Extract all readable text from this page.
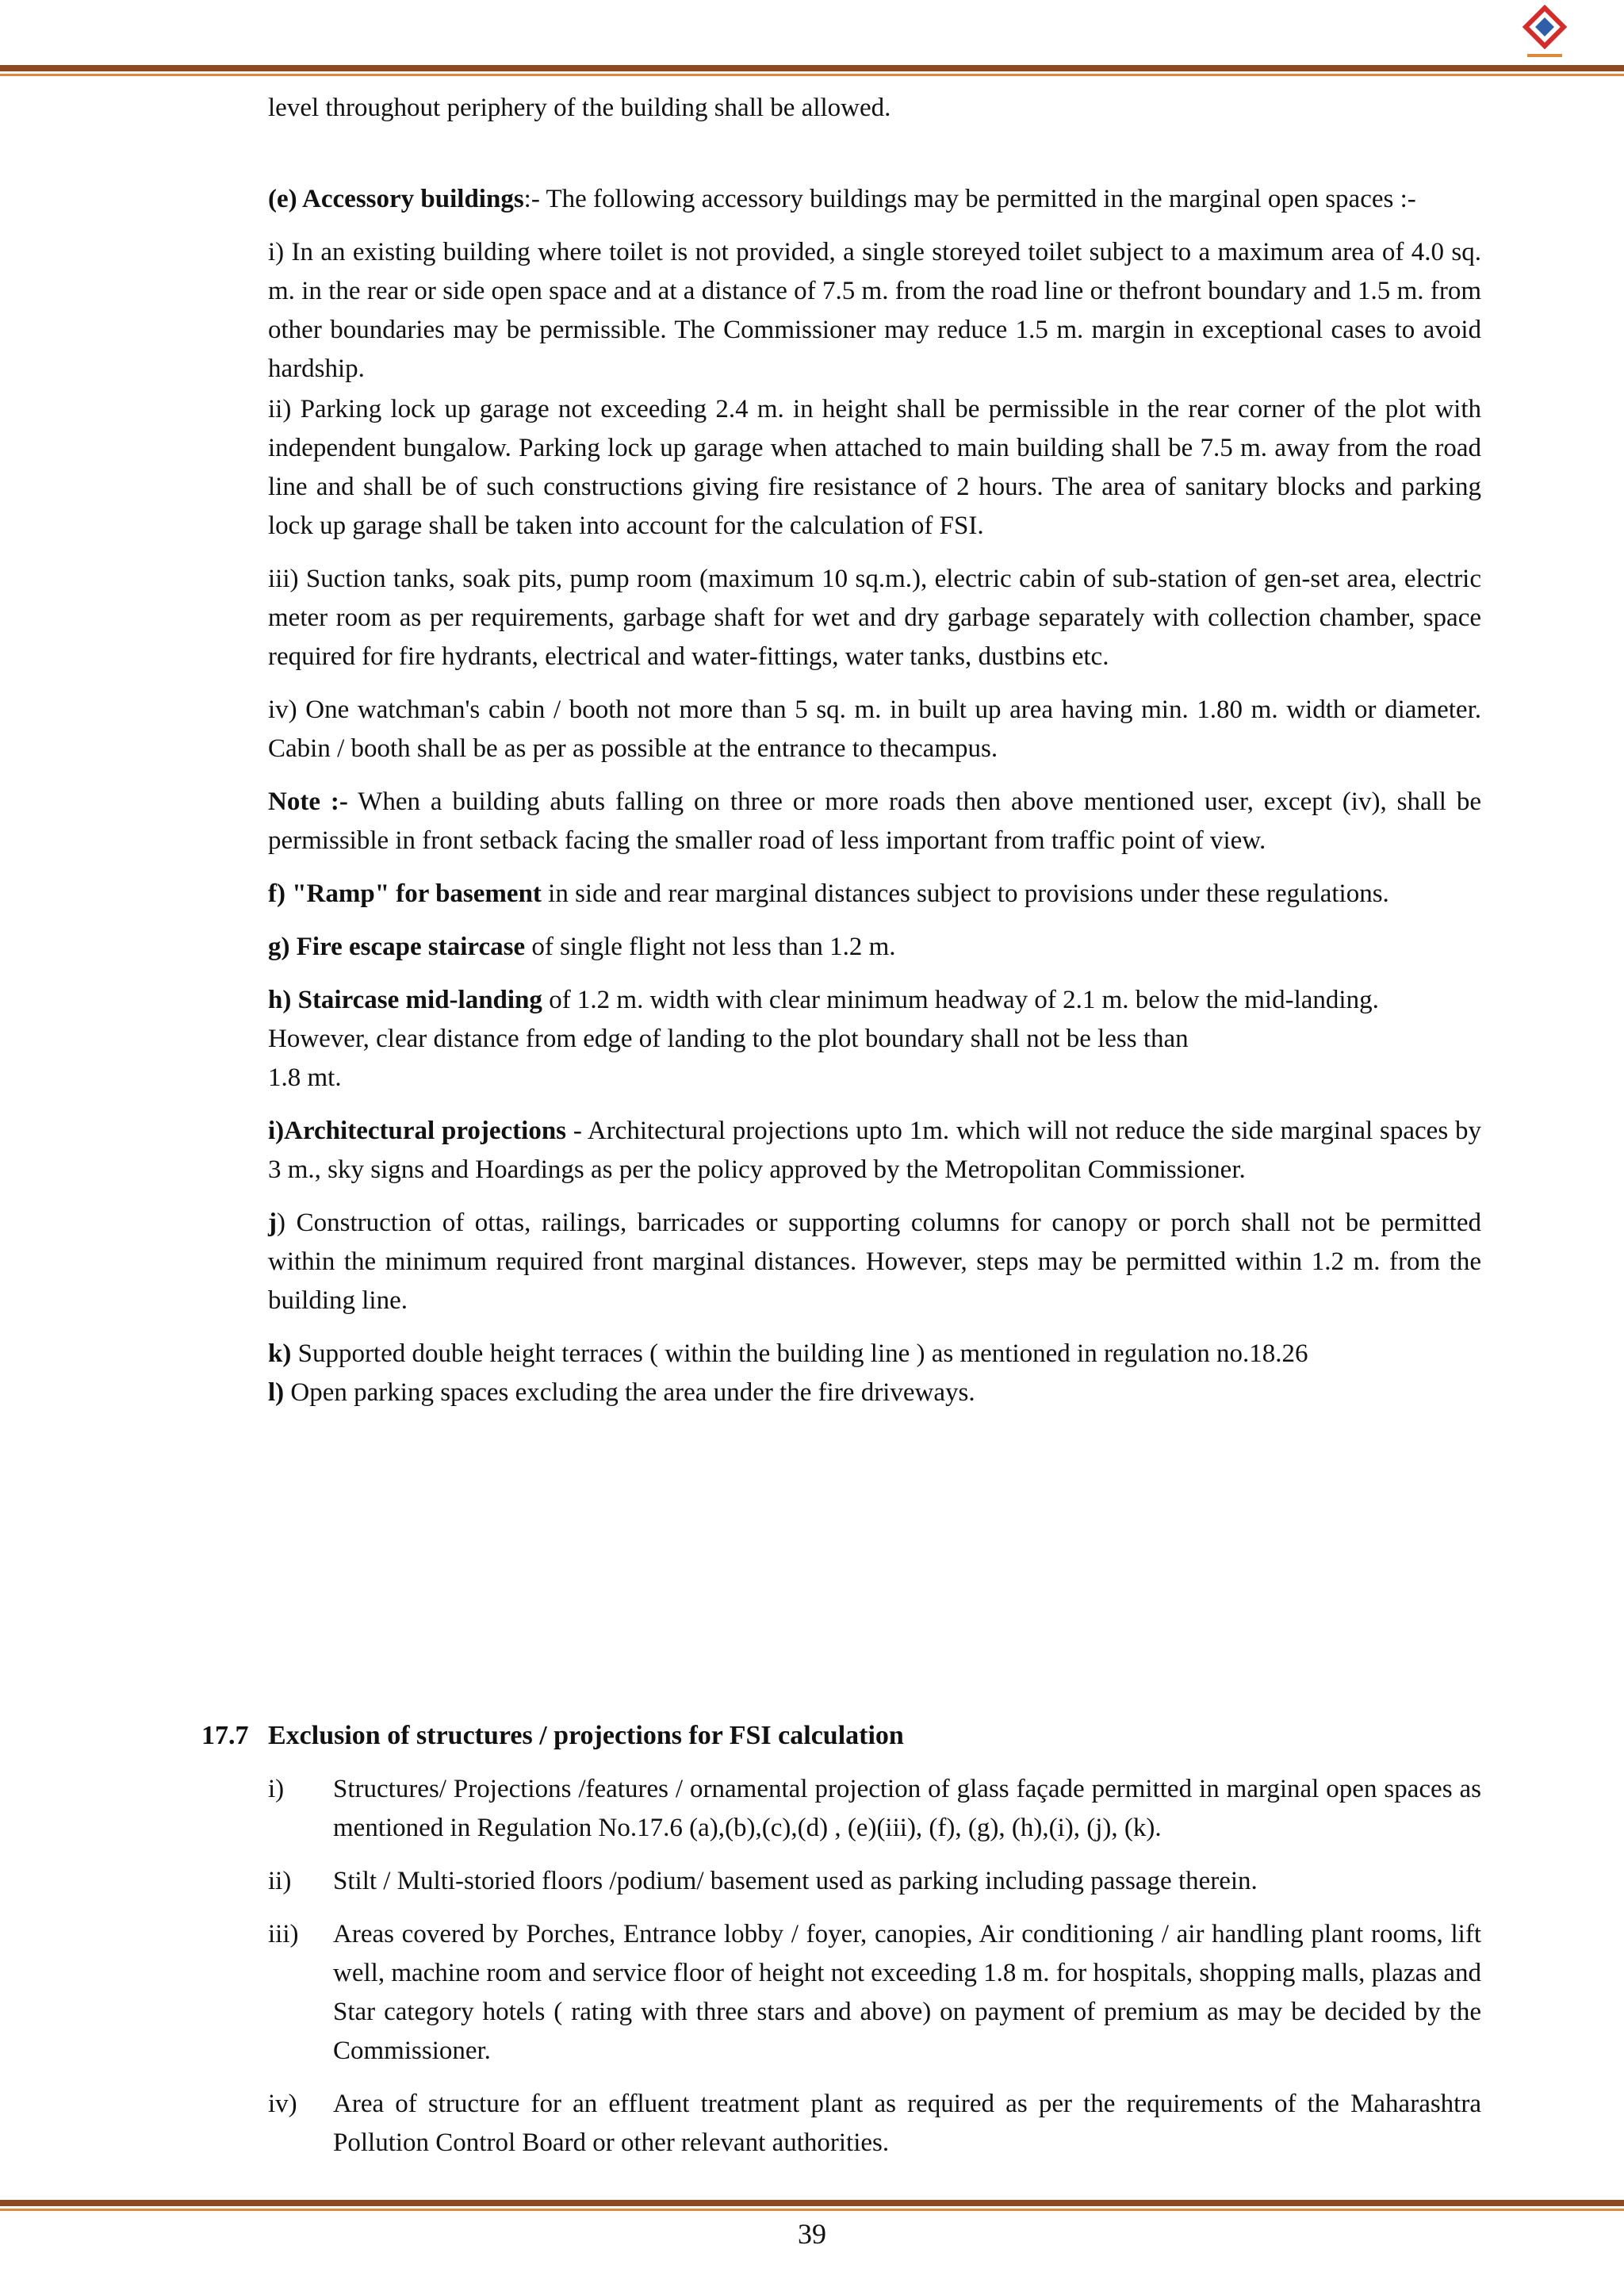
level throughout periphery of the building shall be allowed.

(e) Accessory buildings:- The following accessory buildings may be permitted in the marginal open spaces :-

i) In an existing building where toilet is not provided, a single storeyed toilet subject to a maximum area of 4.0 sq. m. in the rear or side open space and at a distance of 7.5 m. from the road line or thefront boundary and 1.5 m. from other boundaries may be permissible. The Commissioner may reduce 1.5 m. margin in exceptional cases to avoid hardship.

ii) Parking lock up garage not exceeding 2.4 m. in height shall be permissible in the rear corner of the plot with independent bungalow. Parking lock up garage when attached to main building shall be 7.5 m. away from the road line and shall be of such constructions giving fire resistance of 2 hours. The area of sanitary blocks and parking lock up garage shall be taken into account for the calculation of FSI.

iii) Suction tanks, soak pits, pump room (maximum 10 sq.m.), electric cabin of sub-station of gen-set area, electric meter room as per requirements, garbage shaft for wet and dry garbage separately with collection chamber, space required for fire hydrants, electrical and water-fittings, water tanks, dustbins etc.

iv) One watchman's cabin / booth not more than 5 sq. m. in built up area having min. 1.80 m. width or diameter. Cabin / booth shall be as per as possible at the entrance to thecampus.

Note :- When a building abuts falling on three or more roads then above mentioned user, except (iv), shall be permissible in front setback facing the smaller road of less important from traffic point of view.

f) "Ramp" for basement in side and rear marginal distances subject to provisions under these regulations.

g) Fire escape staircase of single flight not less than 1.2 m.

h) Staircase mid-landing of 1.2 m. width with clear minimum headway of 2.1 m. below the mid-landing. However, clear distance from edge of landing to the plot boundary shall not be less than
1.8 mt.

i)Architectural projections - Architectural projections upto 1m. which will not reduce the side marginal spaces by 3 m., sky signs and Hoardings as per the policy approved by the Metropolitan Commissioner.

j) Construction of ottas, railings, barricades or supporting columns for canopy or porch shall not be permitted within the minimum required front marginal distances. However, steps may be permitted within 1.2 m. from the building line.

k) Supported double height terraces ( within the building line ) as mentioned in regulation no.18.26

l) Open parking spaces excluding the area under the fire driveways.

17.7 Exclusion of structures / projections for FSI calculation
i) Structures/ Projections /features / ornamental projection of glass façade permitted in marginal open spaces as mentioned in Regulation No.17.6 (a),(b),(c),(d) , (e)(iii), (f), (g), (h),(i), (j), (k).
ii) Stilt / Multi-storied floors /podium/ basement used as parking including passage therein.
iii) Areas covered by Porches, Entrance lobby / foyer, canopies, Air conditioning / air handling plant rooms, lift well, machine room and service floor of height not exceeding 1.8 m. for hospitals, shopping malls, plazas and Star category hotels ( rating with three stars and above) on payment of premium as may be decided by the Commissioner.
iv) Area of structure for an effluent treatment plant as required as per the requirements of the Maharashtra Pollution Control Board or other relevant authorities.
39
